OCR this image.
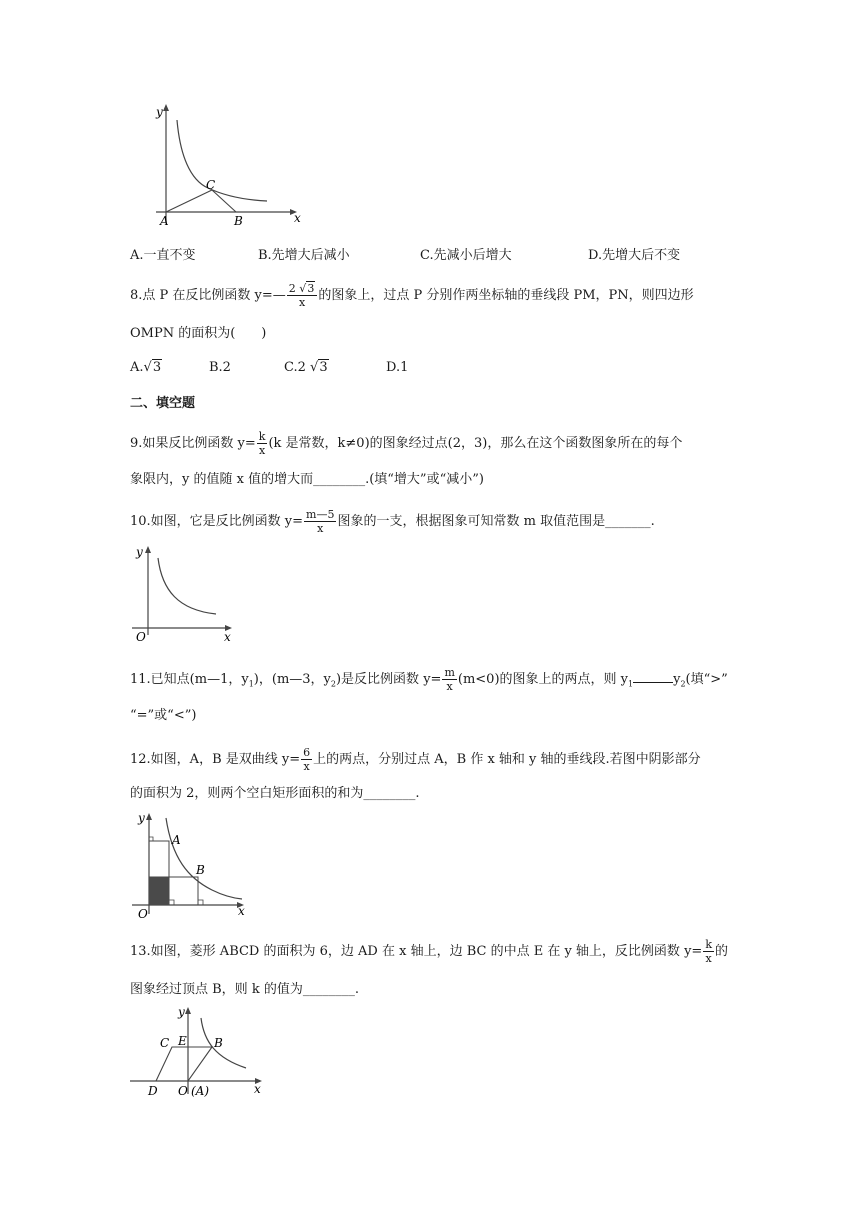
y
x
A	B
C
A.一直不变	B.先增大后减小	C.先减小后增大	D.先增大后不变
8.点 P 在反比例函数 y=— $\frac{2 √3}{x}$ 的图象上，过点 P 分别作两坐标轴的垂线段 PM，PN，则四边形
OMPN 的面积为(　　)
A.√3	B.2	C.2 √3	D.1
二、填空题
9.如果反比例函数 $y= \frac{k}{x} (k$ 是常数，k≠0)的图象经过点(2，3)，那么在这个函数图象所在的每个
象限内，y 的值随 x 值的增大而________.(填“增大”或“减小”)
10.如图，它是反比例函数 $y= \frac{m—5}{x}$ 图象的一支，根据图象可知常数 m 取值范围是_______.
y
O	x
11.已知点(m—1，$y_1$)，(m—3，$y_2$)是反比例函数 $y= \frac{m}{x} (m<0)$的图象上的两点，则 $y_1$	$y_2$(填“>”
“=”或“<”)
12.如图，A，B 是双曲线 $y= \frac{6}{x}$ 上的两点，分别过点 A，B 作 x 轴和 y 轴的垂线段.若图中阴影部分
的面积为 2，则两个空白矩形面积的和为________.
y
A
B
O	x
13.如图，菱形 ABCD 的面积为 6，边 AD 在 x 轴上，边 BC 的中点 E 在 y 轴上，反比例函数 $y= \frac{k}{x}$ 的
图象经过顶点 B，则 k 的值为________.
y
C E B
D O (A)	x
